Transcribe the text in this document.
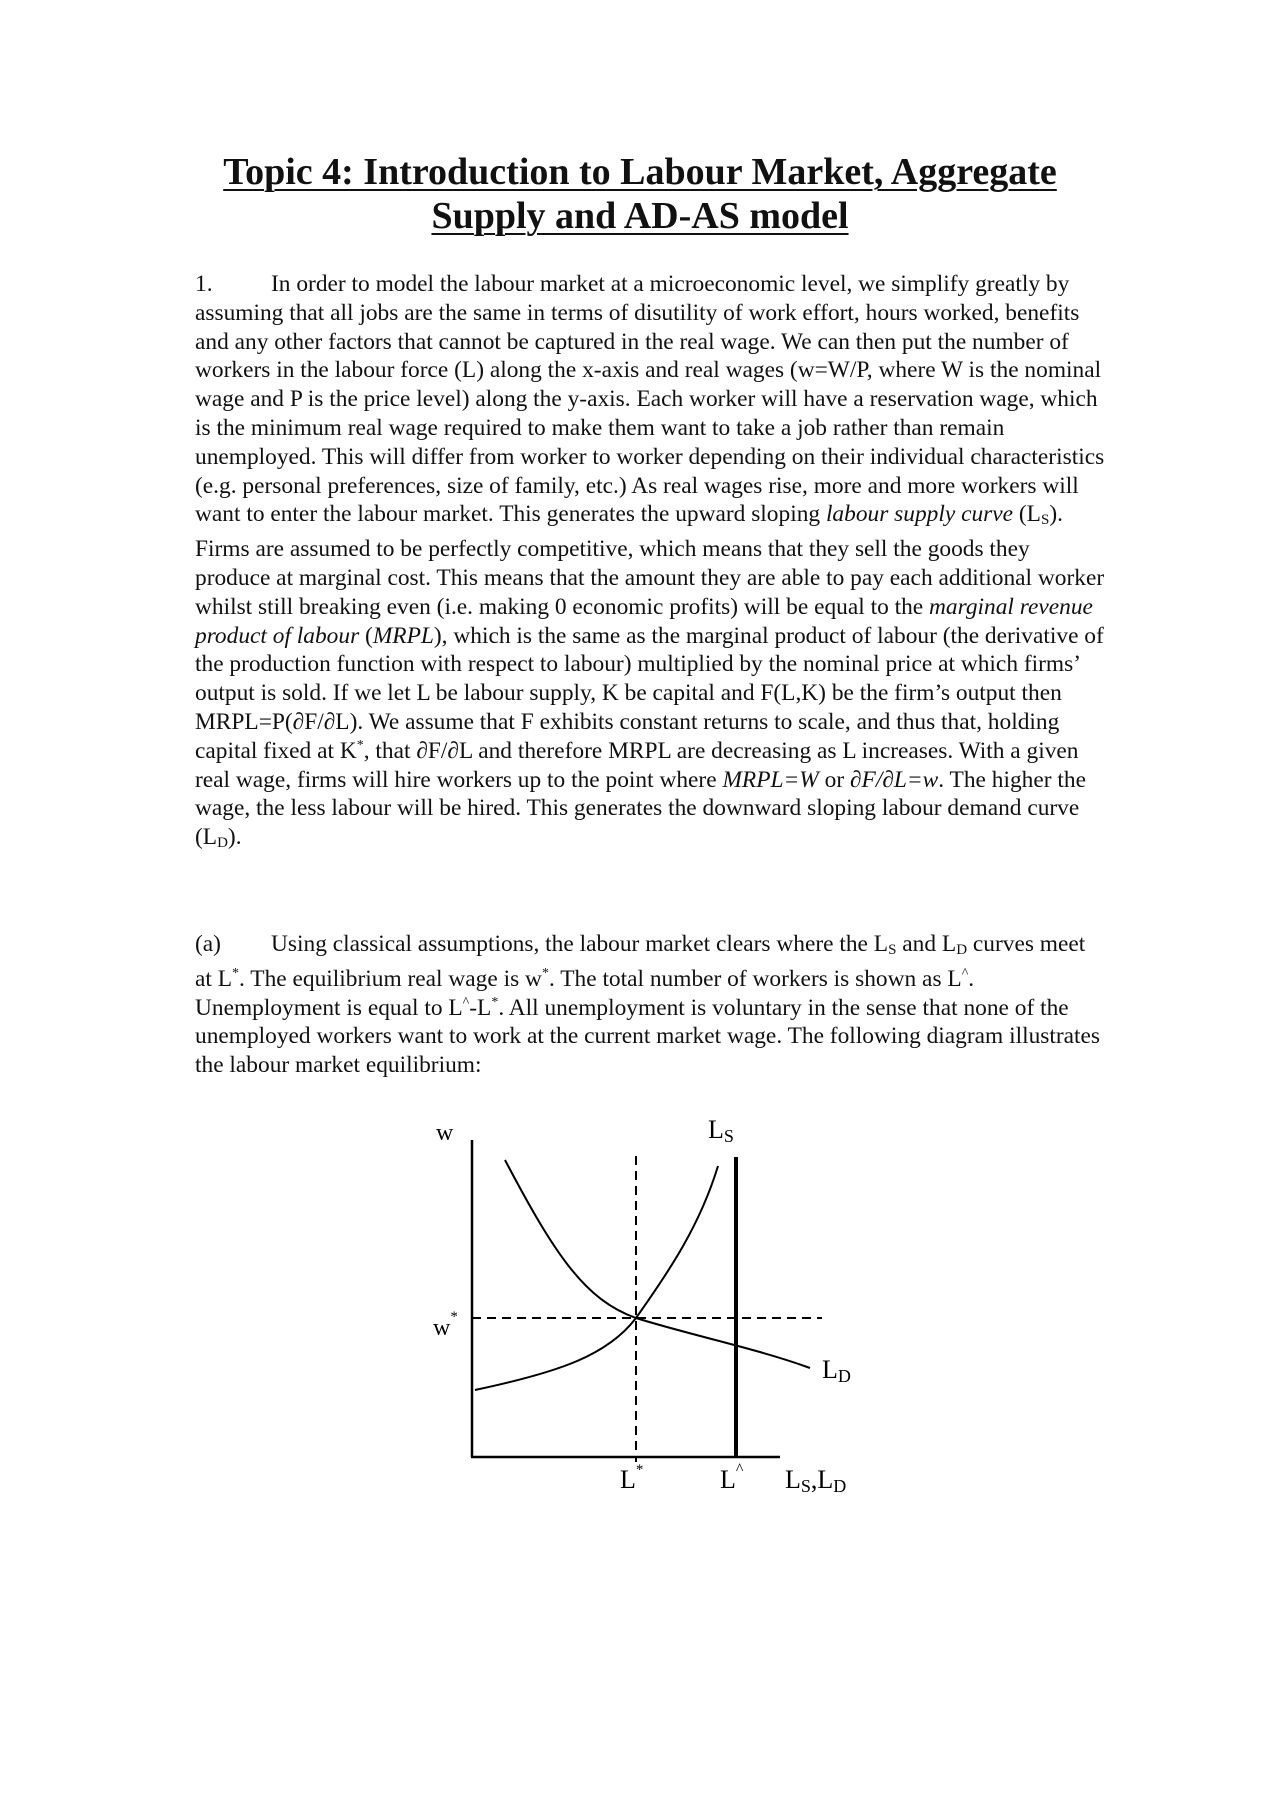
Topic 4: Introduction to Labour Market, Aggregate
Supply and AD-AS model

1. In order to model the labour market at a microeconomic level, we simplify greatly by assuming that all jobs are the same in terms of disutility of work effort, hours worked, benefits and any other factors that cannot be captured in the real wage. We can then put the number of workers in the labour force (L) along the x-axis and real wages (w=W/P, where W is the nominal wage and P is the price level) along the y-axis. Each worker will have a reservation wage, which is the minimum real wage required to make them want to take a job rather than remain unemployed. This will differ from worker to worker depending on their individual characteristics (e.g. personal preferences, size of family, etc.) As real wages rise, more and more workers will want to enter the labour market. This generates the upward sloping labour supply curve $(L_S)$. Firms are assumed to be perfectly competitive, which means that they sell the goods they produce at marginal cost. This means that the amount they are able to pay each additional worker whilst still breaking even (i.e. making 0 economic profits) will be equal to the marginal revenue product of labour (MRPL), which is the same as the marginal product of labour (the derivative of the production function with respect to labour) multiplied by the nominal price at which firms’ output is sold. If we let L be labour supply, K be capital and F(L,K) be the firm’s output then MRPL=P(∂F/∂L). We assume that F exhibits constant returns to scale, and thus that, holding capital fixed at K*, that ∂F/∂L and therefore MRPL are decreasing as L increases. With a given real wage, firms will hire workers up to the point where MRPL=W or ∂F/∂L=w. The higher the wage, the less labour will be hired. This generates the downward sloping labour demand curve $(L_D)$.

(a) Using classical assumptions, the labour market clears where the $L_S$ and $L_D$ curves meet at L*. The equilibrium real wage is w*. The total number of workers is shown as L^. Unemployment is equal to L^-L*. All unemployment is voluntary in the sense that none of the unemployed workers want to work at the current market wage. The following diagram illustrates the labour market equilibrium:

w	LS
w*
LD
L*	L^ LS,LD
